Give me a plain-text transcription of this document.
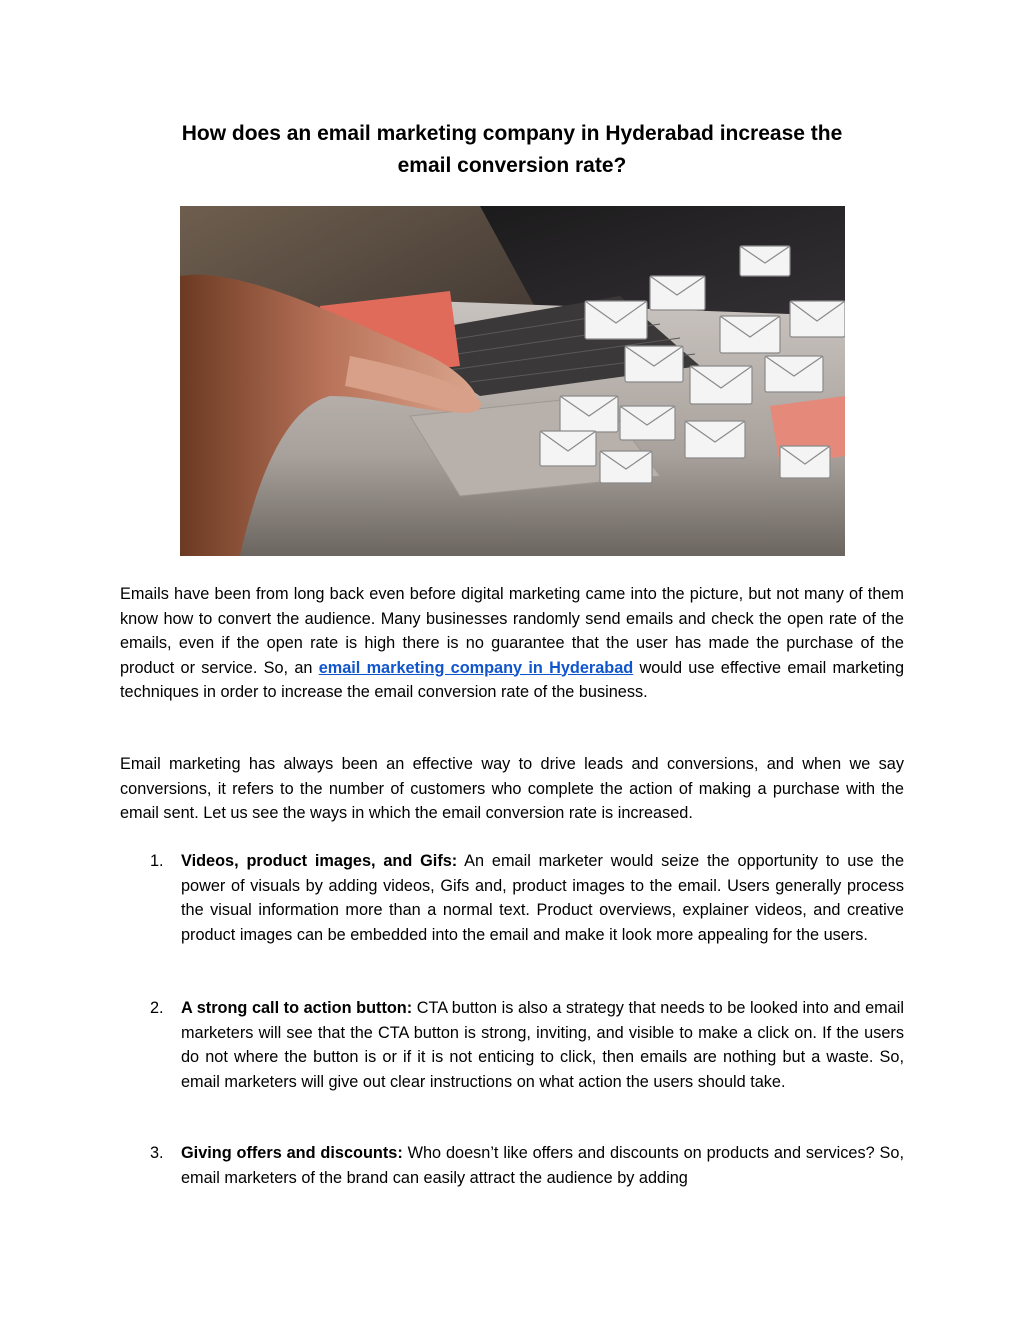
How does an email marketing company in Hyderabad increase the
email conversion rate?

Emails have been from long back even before digital marketing came into the picture, but not many of them know how to convert the audience. Many businesses randomly send emails and check the open rate of the emails, even if the open rate is high there is no guarantee that the user has made the purchase of the product or service. So, an email marketing company in Hyderabad would use effective email marketing techniques in order to increase the email conversion rate of the business.

Email marketing has always been an effective way to drive leads and conversions, and when we say conversions, it refers to the number of customers who complete the action of making a purchase with the email sent. Let us see the ways in which the email conversion rate is increased.

1. Videos, product images, and Gifs: An email marketer would seize the opportunity to use the power of visuals by adding videos, Gifs and, product images to the email. Users generally process the visual information more than a normal text. Product overviews, explainer videos, and creative product images can be embedded into the email and make it look more appealing for the users.
2. A strong call to action button: CTA button is also a strategy that needs to be looked into and email marketers will see that the CTA button is strong, inviting, and visible to make a click on. If the users do not where the button is or if it is not enticing to click, then emails are nothing but a waste. So, email marketers will give out clear instructions on what action the users should take.
3. Giving offers and discounts: Who doesn’t like offers and discounts on products and services? So, email marketers of the brand can easily attract the audience by adding
